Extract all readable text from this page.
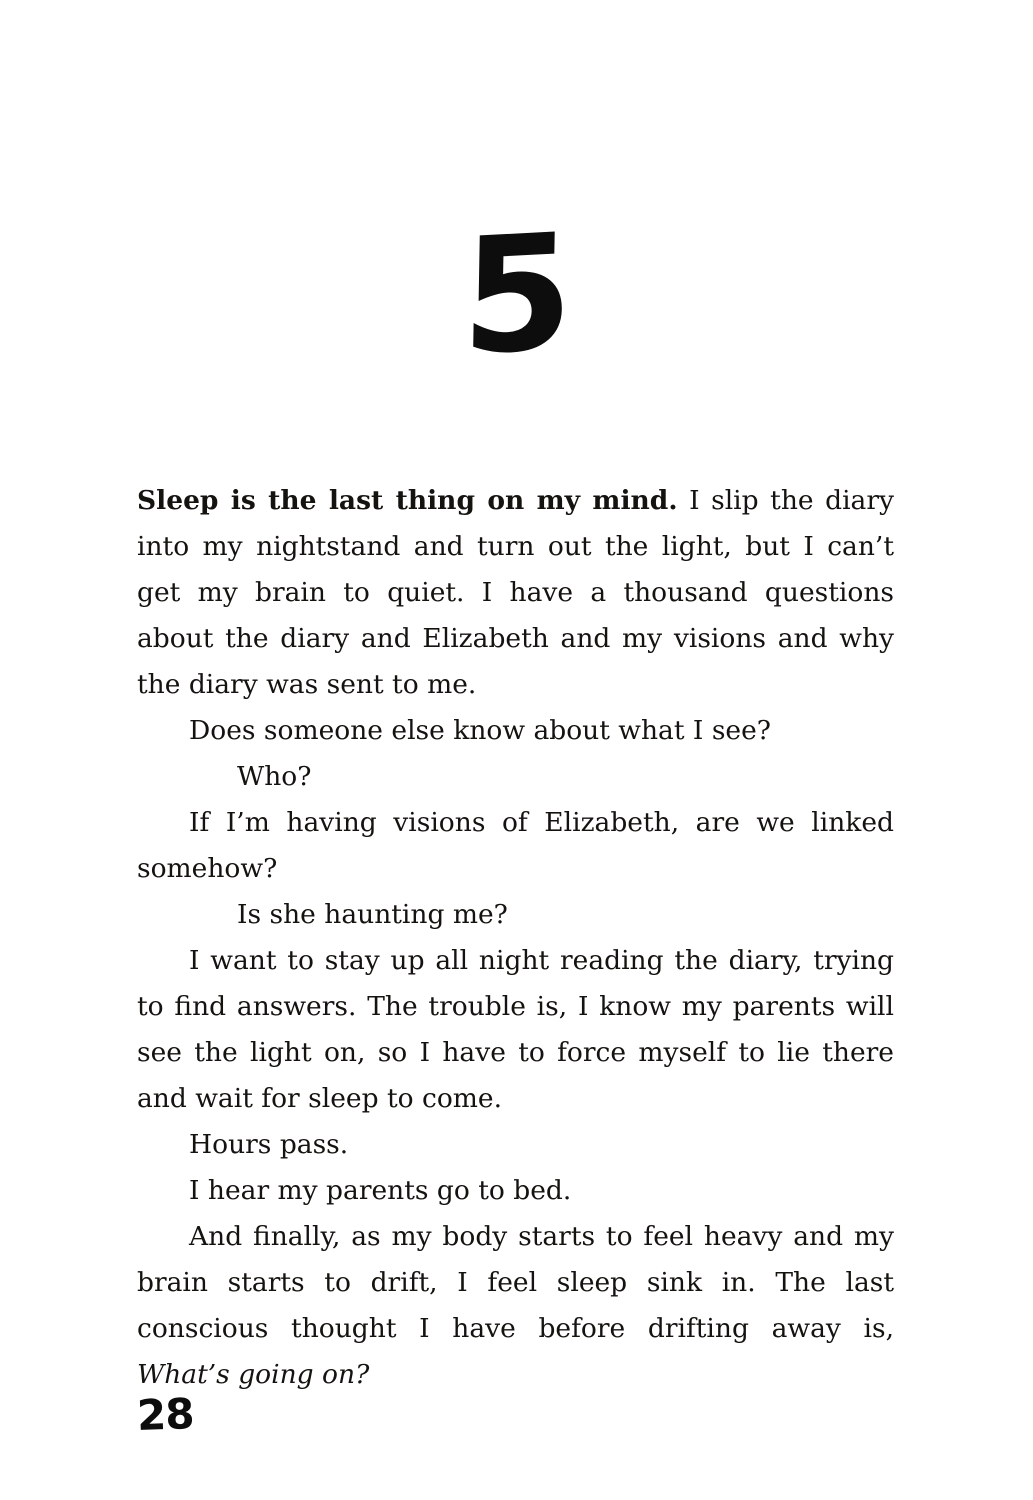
5

Sleep is the last thing on my mind. I slip the diary into my nightstand and turn out the light, but I can’t get my brain to quiet. I have a thousand questions about the diary and Elizabeth and my visions and why the diary was sent to me.

Does someone else know about what I see?

Who?

If I’m having visions of Elizabeth, are we linked somehow?

Is she haunting me?

I want to stay up all night reading the diary, trying to find answers. The trouble is, I know my parents will see the light on, so I have to force myself to lie there and wait for sleep to come.

Hours pass.

I hear my parents go to bed.

And finally, as my body starts to feel heavy and my brain starts to drift, I feel sleep sink in. The last conscious thought I have before drifting away is, What’s going on?

28
